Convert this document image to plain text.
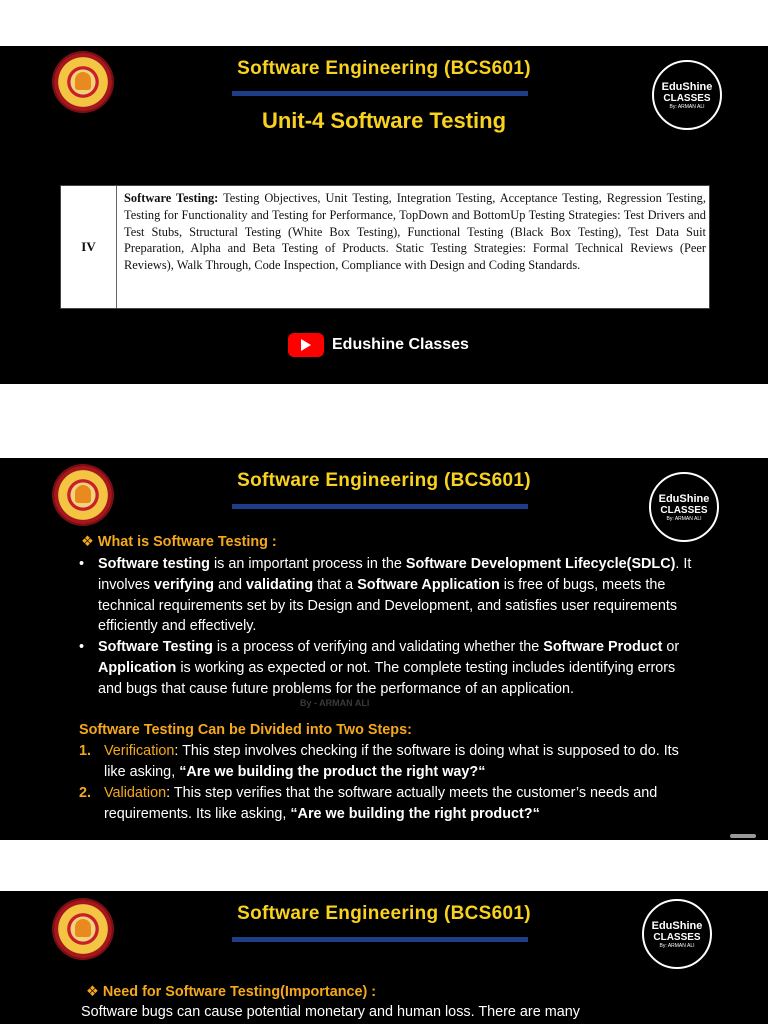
Software Engineering (BCS601)
Unit-4 Software Testing
EduShine
CLASSES
By: ARMAN ALI
IV
Software Testing: Testing Objectives, Unit Testing, Integration Testing, Acceptance Testing, Regression Testing, Testing for Functionality and Testing for Performance, TopDown and BottomUp Testing Strategies: Test Drivers and Test Stubs, Structural Testing (White Box Testing), Functional Testing (Black Box Testing), Test Data Suit Preparation, Alpha and Beta Testing of Products. Static Testing Strategies: Formal Technical Reviews (Peer Reviews), Walk Through, Code Inspection, Compliance with Design and Coding Standards.
Edushine Classes
Software Engineering (BCS601)
EduShine
CLASSES
By: ARMAN ALI
By - ARMAN ALI
❖ What is Software Testing :
• Software testing is an important process in the Software Development Lifecycle(SDLC). It involves verifying and validating that a Software Application is free of bugs, meets the technical requirements set by its Design and Development, and satisfies user requirements efficiently and effectively.
• Software Testing is a process of verifying and validating whether the Software Product or Application is working as expected or not. The complete testing includes identifying errors and bugs that cause future problems for the performance of an application.
Software Testing Can be Divided into Two Steps:
1. Verification: This step involves checking if the software is doing what is supposed to do. Its like asking, “Are we building the product the right way?“
2. Validation: This step verifies that the software actually meets the customer’s needs and requirements. Its like asking, “Are we building the right product?“
Software Engineering (BCS601)
EduShine
CLASSES
By: ARMAN ALI
❖ Need for Software Testing(Importance) :
Software bugs can cause potential monetary and human loss. There are many
